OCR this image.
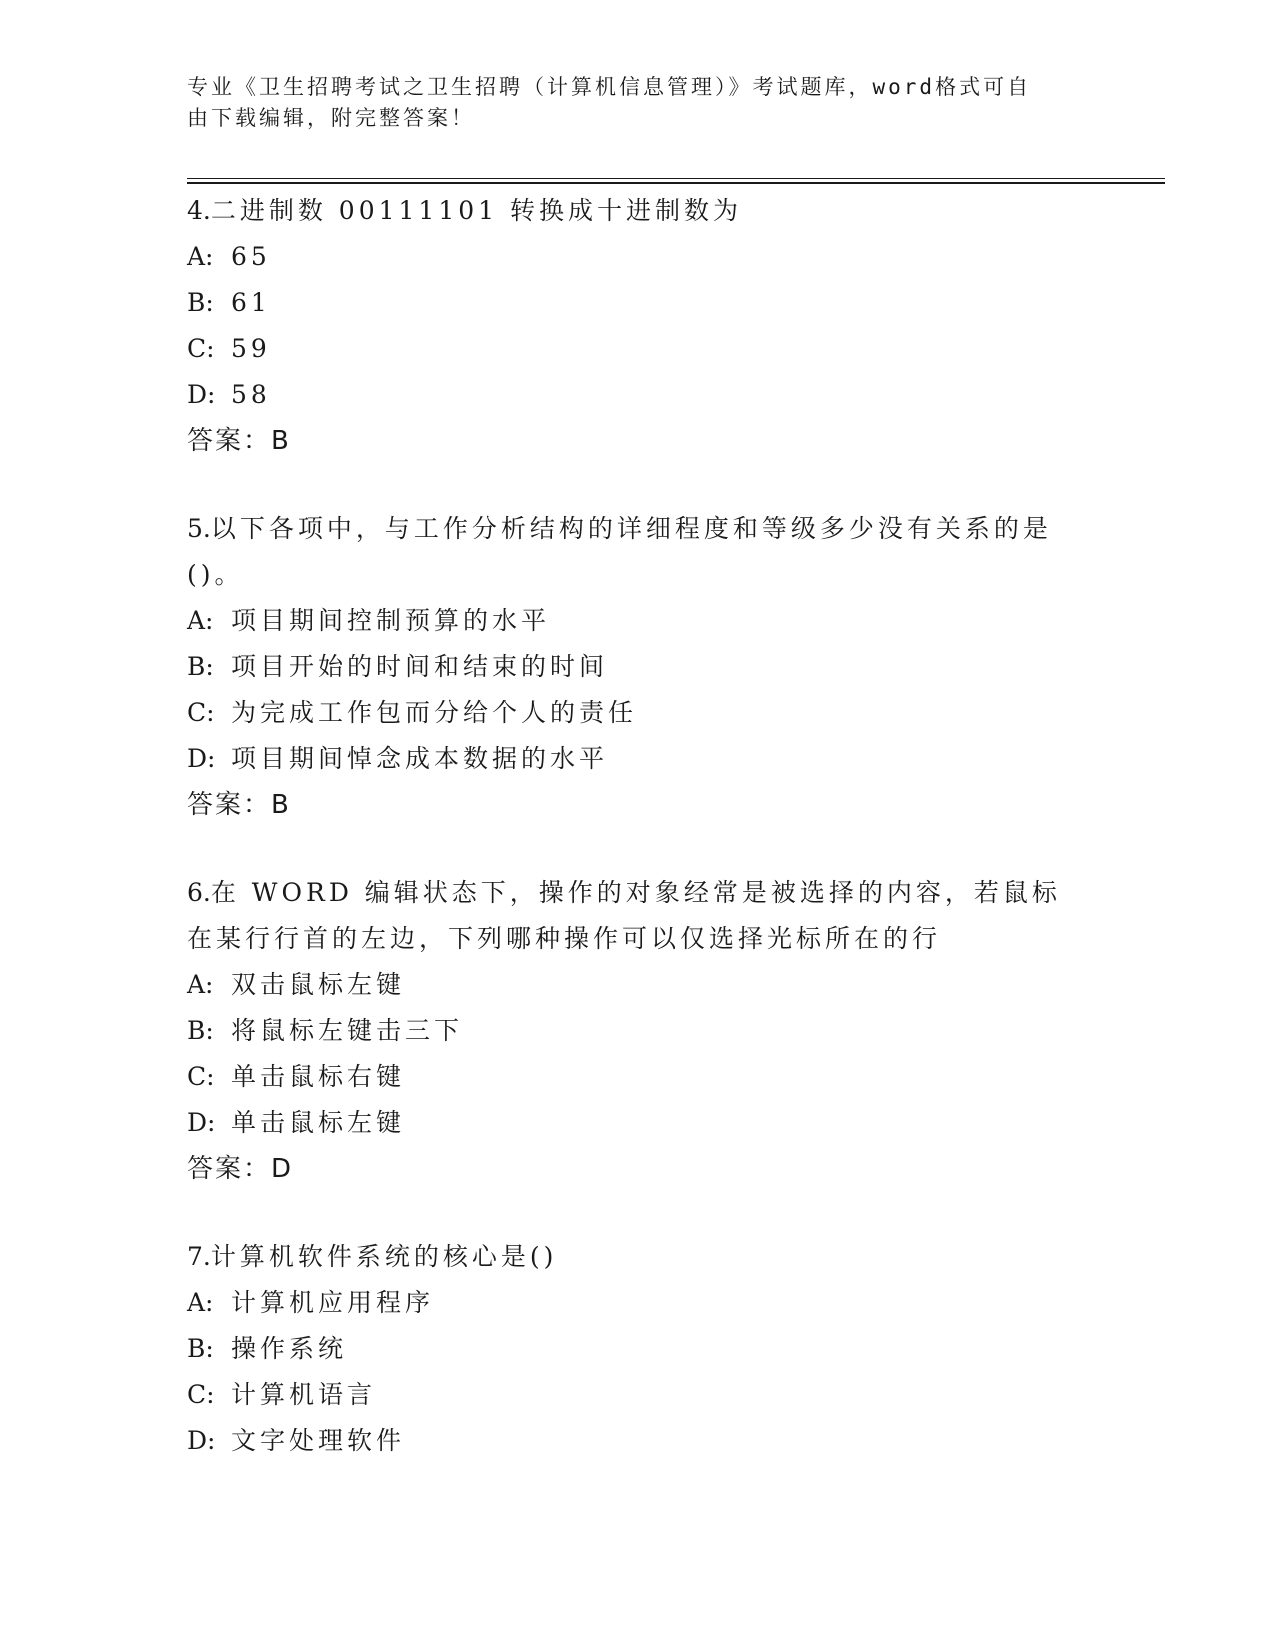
专业《卫生招聘考试之卫生招聘（计算机信息管理）》考试题库，word格式可自
由下载编辑，附完整答案！
4.二进制数 00111101 转换成十进制数为
A: 65
B: 61
C: 59
D: 58
答案：B
5.以下各项中，与工作分析结构的详细程度和等级多少没有关系的是()。
A: 项目期间控制预算的水平
B: 项目开始的时间和结束的时间
C: 为完成工作包而分给个人的责任
D: 项目期间悼念成本数据的水平
答案：B
6.在 WORD 编辑状态下，操作的对象经常是被选择的内容，若鼠标在某行行首的左边，下列哪种操作可以仅选择光标所在的行
A: 双击鼠标左键
B: 将鼠标左键击三下
C: 单击鼠标右键
D: 单击鼠标左键
答案：D
7.计算机软件系统的核心是()
A: 计算机应用程序
B: 操作系统
C: 计算机语言
D: 文字处理软件
